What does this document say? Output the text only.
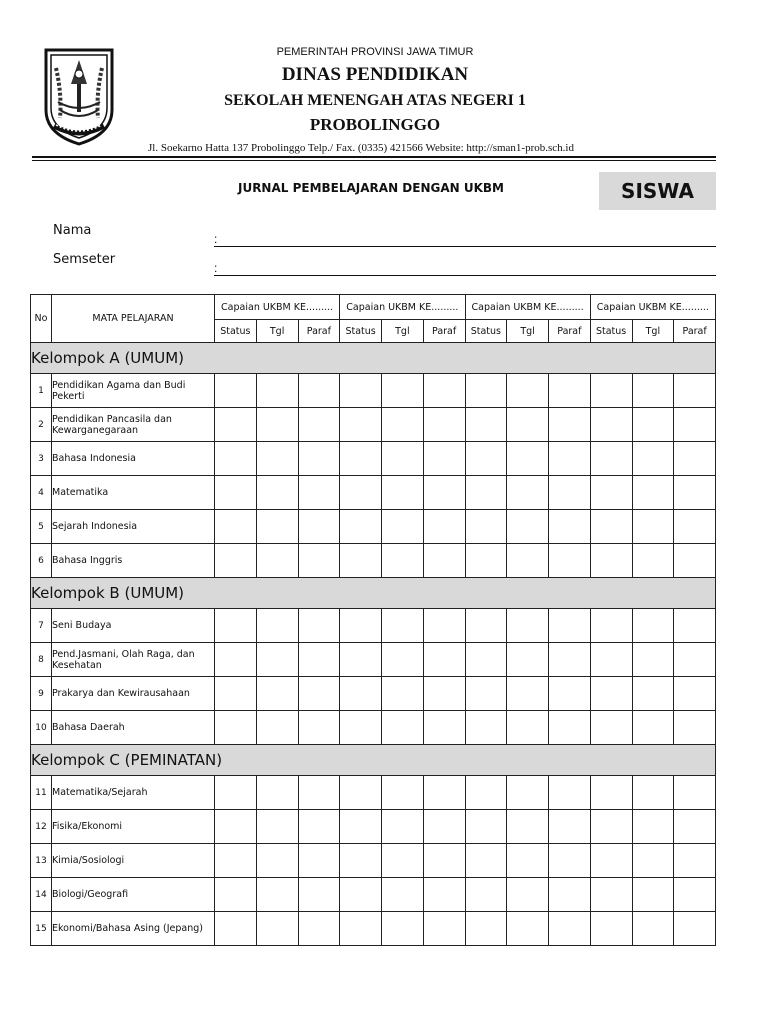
PEMERINTAH PROVINSI JAWA TIMUR
DINAS PENDIDIKAN
SEKOLAH MENENGAH ATAS NEGERI 1
PROBOLINGGO
Jl. Soekarno Hatta 137 Probolinggo Telp./ Fax. (0335) 421566 Website: http://sman1-prob.sch.id
JURNAL PEMBELAJARAN DENGAN UKBM	SISWA
Nama
:
Semseter
:
No	MATA PELAJARAN	Capaian UKBM KE.........			Capaian UKBM KE.........			Capaian UKBM KE.........			Capaian UKBM KE.........		
		Status	Tgl	Paraf	Status	Tgl	Paraf	Status	Tgl	Paraf	Status	Tgl	Paraf
Kelompok A (UMUM)													
1	Pendidikan Agama dan Budi Pekerti												
2	Pendidikan Pancasila dan Kewarganegaraan												
3	Bahasa Indonesia												
4	Matematika												
5	Sejarah Indonesia												
6	Bahasa Inggris												
Kelompok B (UMUM)													
7	Seni Budaya												
8	Pend.Jasmani, Olah Raga, dan Kesehatan												
9	Prakarya dan Kewirausahaan												
10	Bahasa Daerah												
Kelompok C (PEMINATAN)													
11	Matematika/Sejarah												
12	Fisika/Ekonomi												
13	Kimia/Sosiologi												
14	Biologi/Geografi												
15	Ekonomi/Bahasa Asing (Jepang)												
